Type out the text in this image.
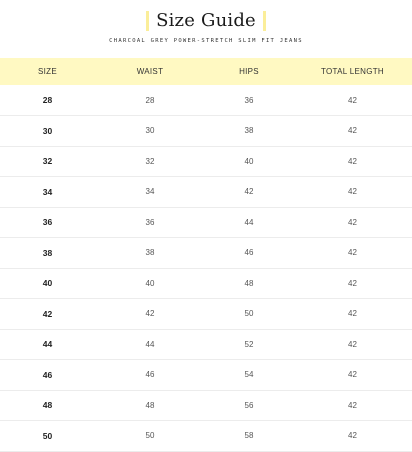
Size Guide
CHARCOAL GREY POWER-STRETCH SLIM FIT JEANS
SIZE	WAIST	HIPS	TOTAL LENGTH
28	28	36	42
30	30	38	42
32	32	40	42
34	34	42	42
36	36	44	42
38	38	46	42
40	40	48	42
42	42	50	42
44	44	52	42
46	46	54	42
48	48	56	42
50	50	58	42
